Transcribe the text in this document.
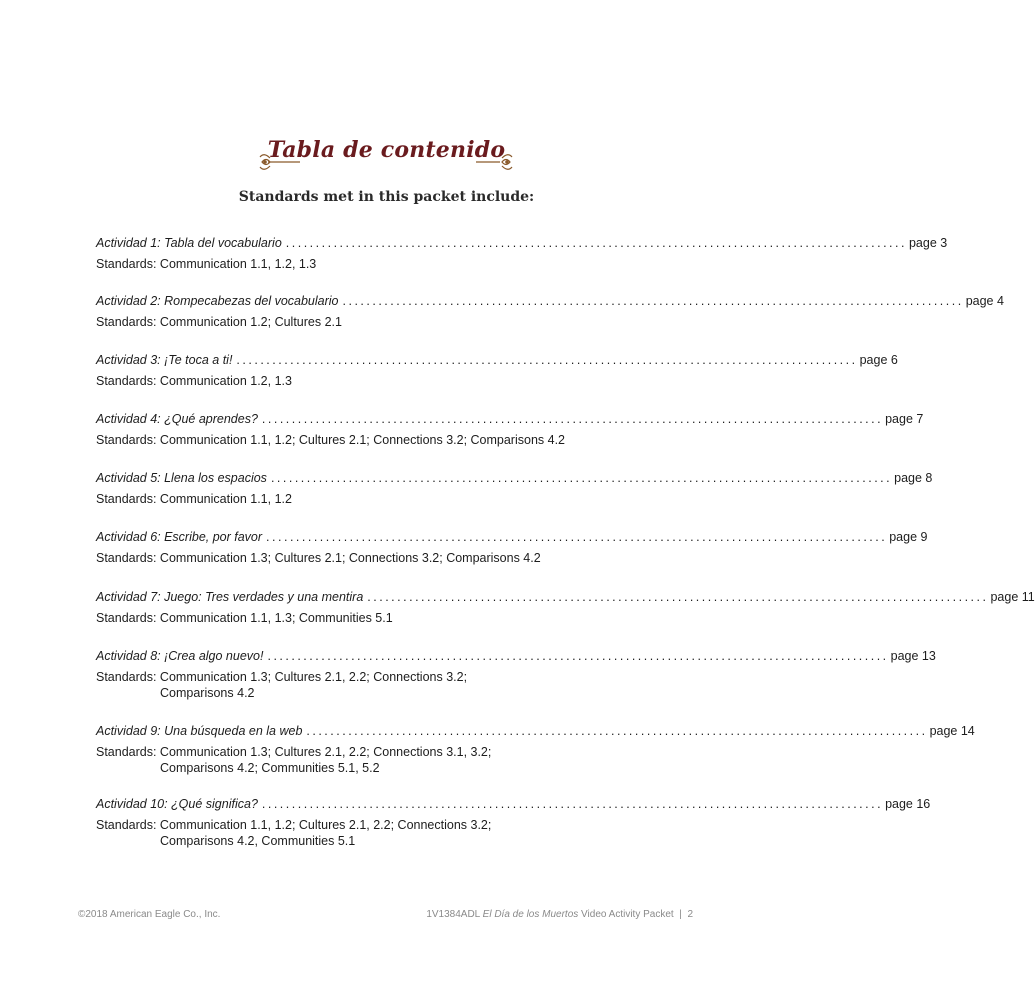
Tabla de contenido
Standards met in this packet include:
Actividad 1: Tabla del vocabulario ........................................................................................................ page 3
Standards: Communication 1.1, 1.2, 1.3
Actividad 2: Rompecabezas del vocabulario ........................................................................................................ page 4
Standards: Communication 1.2; Cultures 2.1
Actividad 3: ¡Te toca a ti! ........................................................................................................ page 6
Standards: Communication 1.2, 1.3
Actividad 4: ¿Qué aprendes? ........................................................................................................ page 7
Standards: Communication 1.1, 1.2; Cultures 2.1; Connections 3.2; Comparisons 4.2
Actividad 5: Llena los espacios ........................................................................................................ page 8
Standards: Communication 1.1, 1.2
Actividad 6: Escribe, por favor ........................................................................................................ page 9
Standards: Communication 1.3; Cultures 2.1; Connections 3.2; Comparisons 4.2
Actividad 7: Juego: Tres verdades y una mentira ........................................................................................................ page 11
Standards: Communication 1.1, 1.3; Communities 5.1
Actividad 8: ¡Crea algo nuevo! ........................................................................................................ page 13
Standards: Communication 1.3; Cultures 2.1, 2.2; Connections 3.2;
Comparisons 4.2
Actividad 9: Una búsqueda en la web ........................................................................................................ page 14
Standards: Communication 1.3; Cultures 2.1, 2.2; Connections 3.1, 3.2;
Comparisons 4.2; Communities 5.1, 5.2
Actividad 10: ¿Qué significa? ........................................................................................................ page 16
Standards: Communication 1.1, 1.2; Cultures 2.1, 2.2; Connections 3.2;
Comparisons 4.2, Communities 5.1
©2018 American Eagle Co., Inc.	1V1384ADL El Día de los Muertos Video Activity Packet | 2
